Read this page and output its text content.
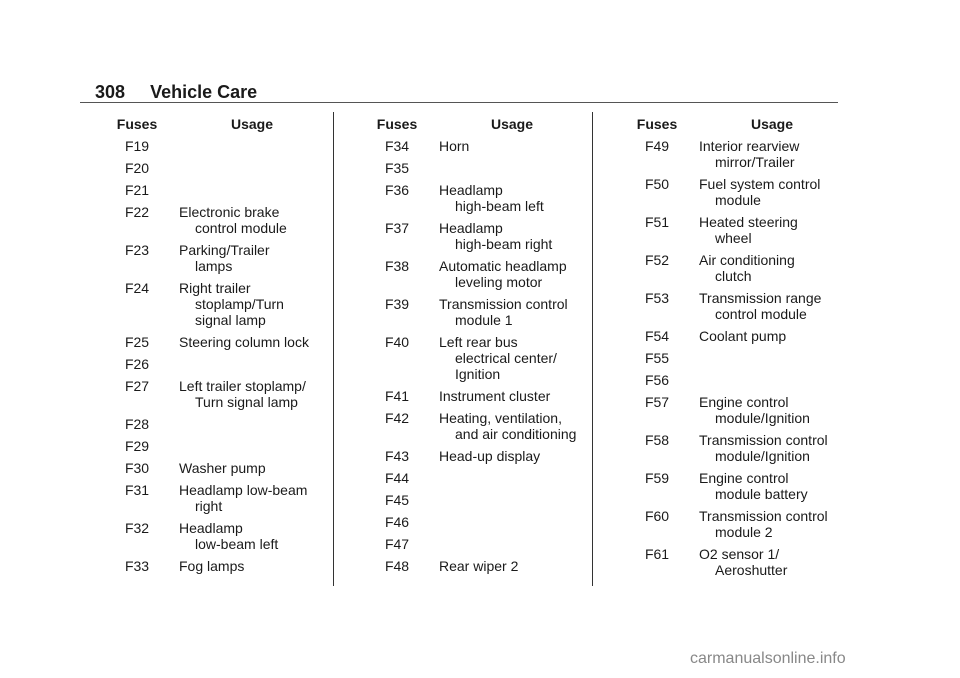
308 Vehicle Care
Fuses	Usage
F19
F20
F21
F22	Electronic brake
control module
F23	Parking/Trailer
lamps
F24	Right trailer
stoplamp/Turn
signal lamp
F25	Steering column lock
F26
F27	Left trailer stoplamp/
Turn signal lamp
F28
F29
F30	Washer pump
F31	Headlamp low-beam
right
F32	Headlamp
low-beam left
F33	Fog lamps
Fuses	Usage
F34	Horn
F35
F36	Headlamp
high-beam left
F37	Headlamp
high-beam right
F38	Automatic headlamp
leveling motor
F39	Transmission control
module 1
F40	Left rear bus
electrical center/
Ignition
F41	Instrument cluster
F42	Heating, ventilation,
and air conditioning
F43	Head-up display
F44
F45
F46
F47
F48	Rear wiper 2
Fuses	Usage
F49	Interior rearview
mirror/Trailer
F50	Fuel system control
module
F51	Heated steering
wheel
F52	Air conditioning
clutch
F53	Transmission range
control module
F54	Coolant pump
F55
F56
F57	Engine control
module/Ignition
F58	Transmission control
module/Ignition
F59	Engine control
module battery
F60	Transmission control
module 2
F61	O2 sensor 1/
Aeroshutter
carmanualsonline.info
